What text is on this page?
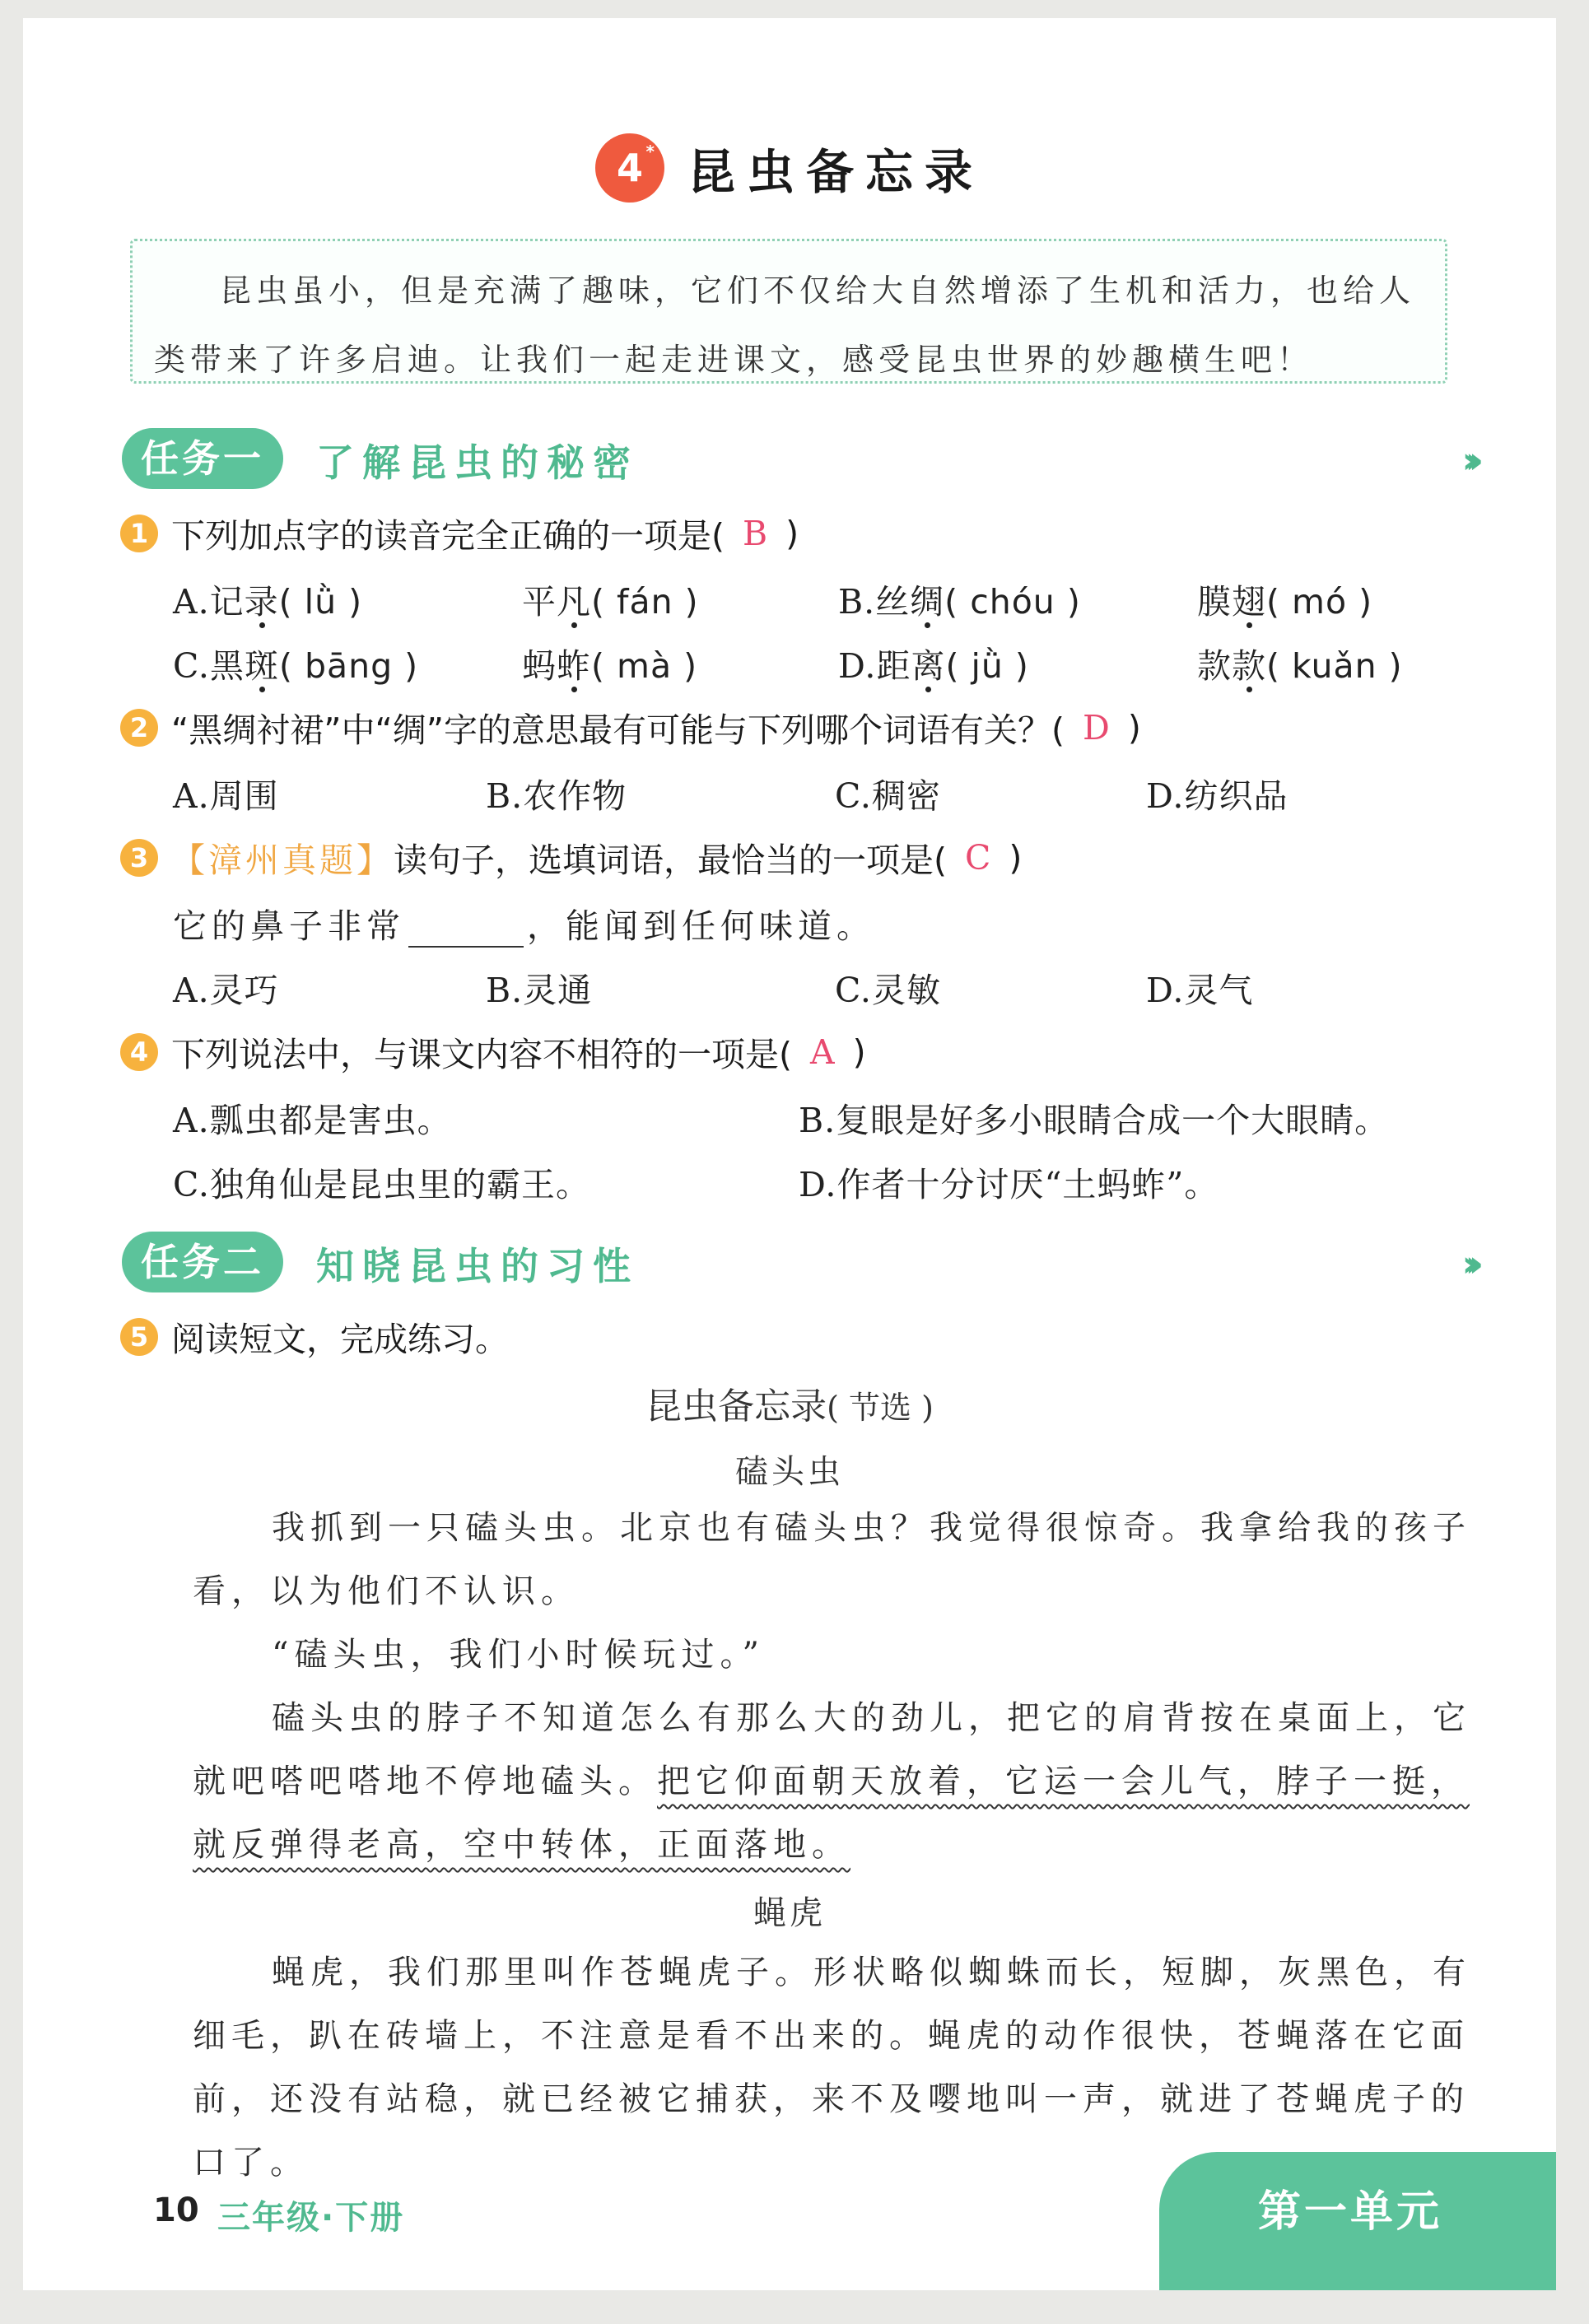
4 * 昆虫备忘录

昆虫虽小，但是充满了趣味，它们不仅给大自然增添了生机和活力，也给人类带来了许多启迪。让我们一起走进课文，感受昆虫世界的妙趣横生吧！

任务一	了解昆虫的秘密	›››
1 下列加点字的读音完全正确的一项是( B )
A.记录( lǜ )	平凡( fán )	B.丝绸( chóu )	膜翅( mó )
C.黑斑( bāng )	蚂蚱( mà )	D.距离( jǜ )	款款( kuǎn )
2 “黑绸衬裙”中“绸”字的意思最有可能与下列哪个词语有关？( D )
A.周围	B.农作物	C.稠密	D.纺织品
3 【漳州真题】 读句子，选填词语，最恰当的一项是( C )
它的鼻子非常	，能闻到任何味道。
A.灵巧	B.灵通	C.灵敏	D.灵气
4 下列说法中，与课文内容不相符的一项是( A )
A.瓢虫都是害虫。	B.复眼是好多小眼睛合成一个大眼睛。
C.独角仙是昆虫里的霸王。	D.作者十分讨厌“土蚂蚱”。
任务二	知晓昆虫的习性	›››
5 阅读短文，完成练习。
昆虫备忘录( 节选 )
磕头虫

我抓到一只磕头虫。北京也有磕头虫？我觉得很惊奇。我拿给我的孩子看，以为他们不认识。

“磕头虫，我们小时候玩过。”

磕头虫的脖子不知道怎么有那么大的劲儿，把它的肩背按在桌面上，它就吧嗒吧嗒地不停地磕头。把它仰面朝天放着，它运一会儿气，脖子一挺，就反弹得老高，空中转体，正面落地。

蝇虎

蝇虎，我们那里叫作苍蝇虎子。形状略似蜘蛛而长，短脚，灰黑色，有细毛，趴在砖墙上，不注意是看不出来的。蝇虎的动作很快，苍蝇落在它面前，还没有站稳，就已经被它捕获，来不及嘤地叫一声，就进了苍蝇虎子的口了。

10 三年级·下册	第一单元
